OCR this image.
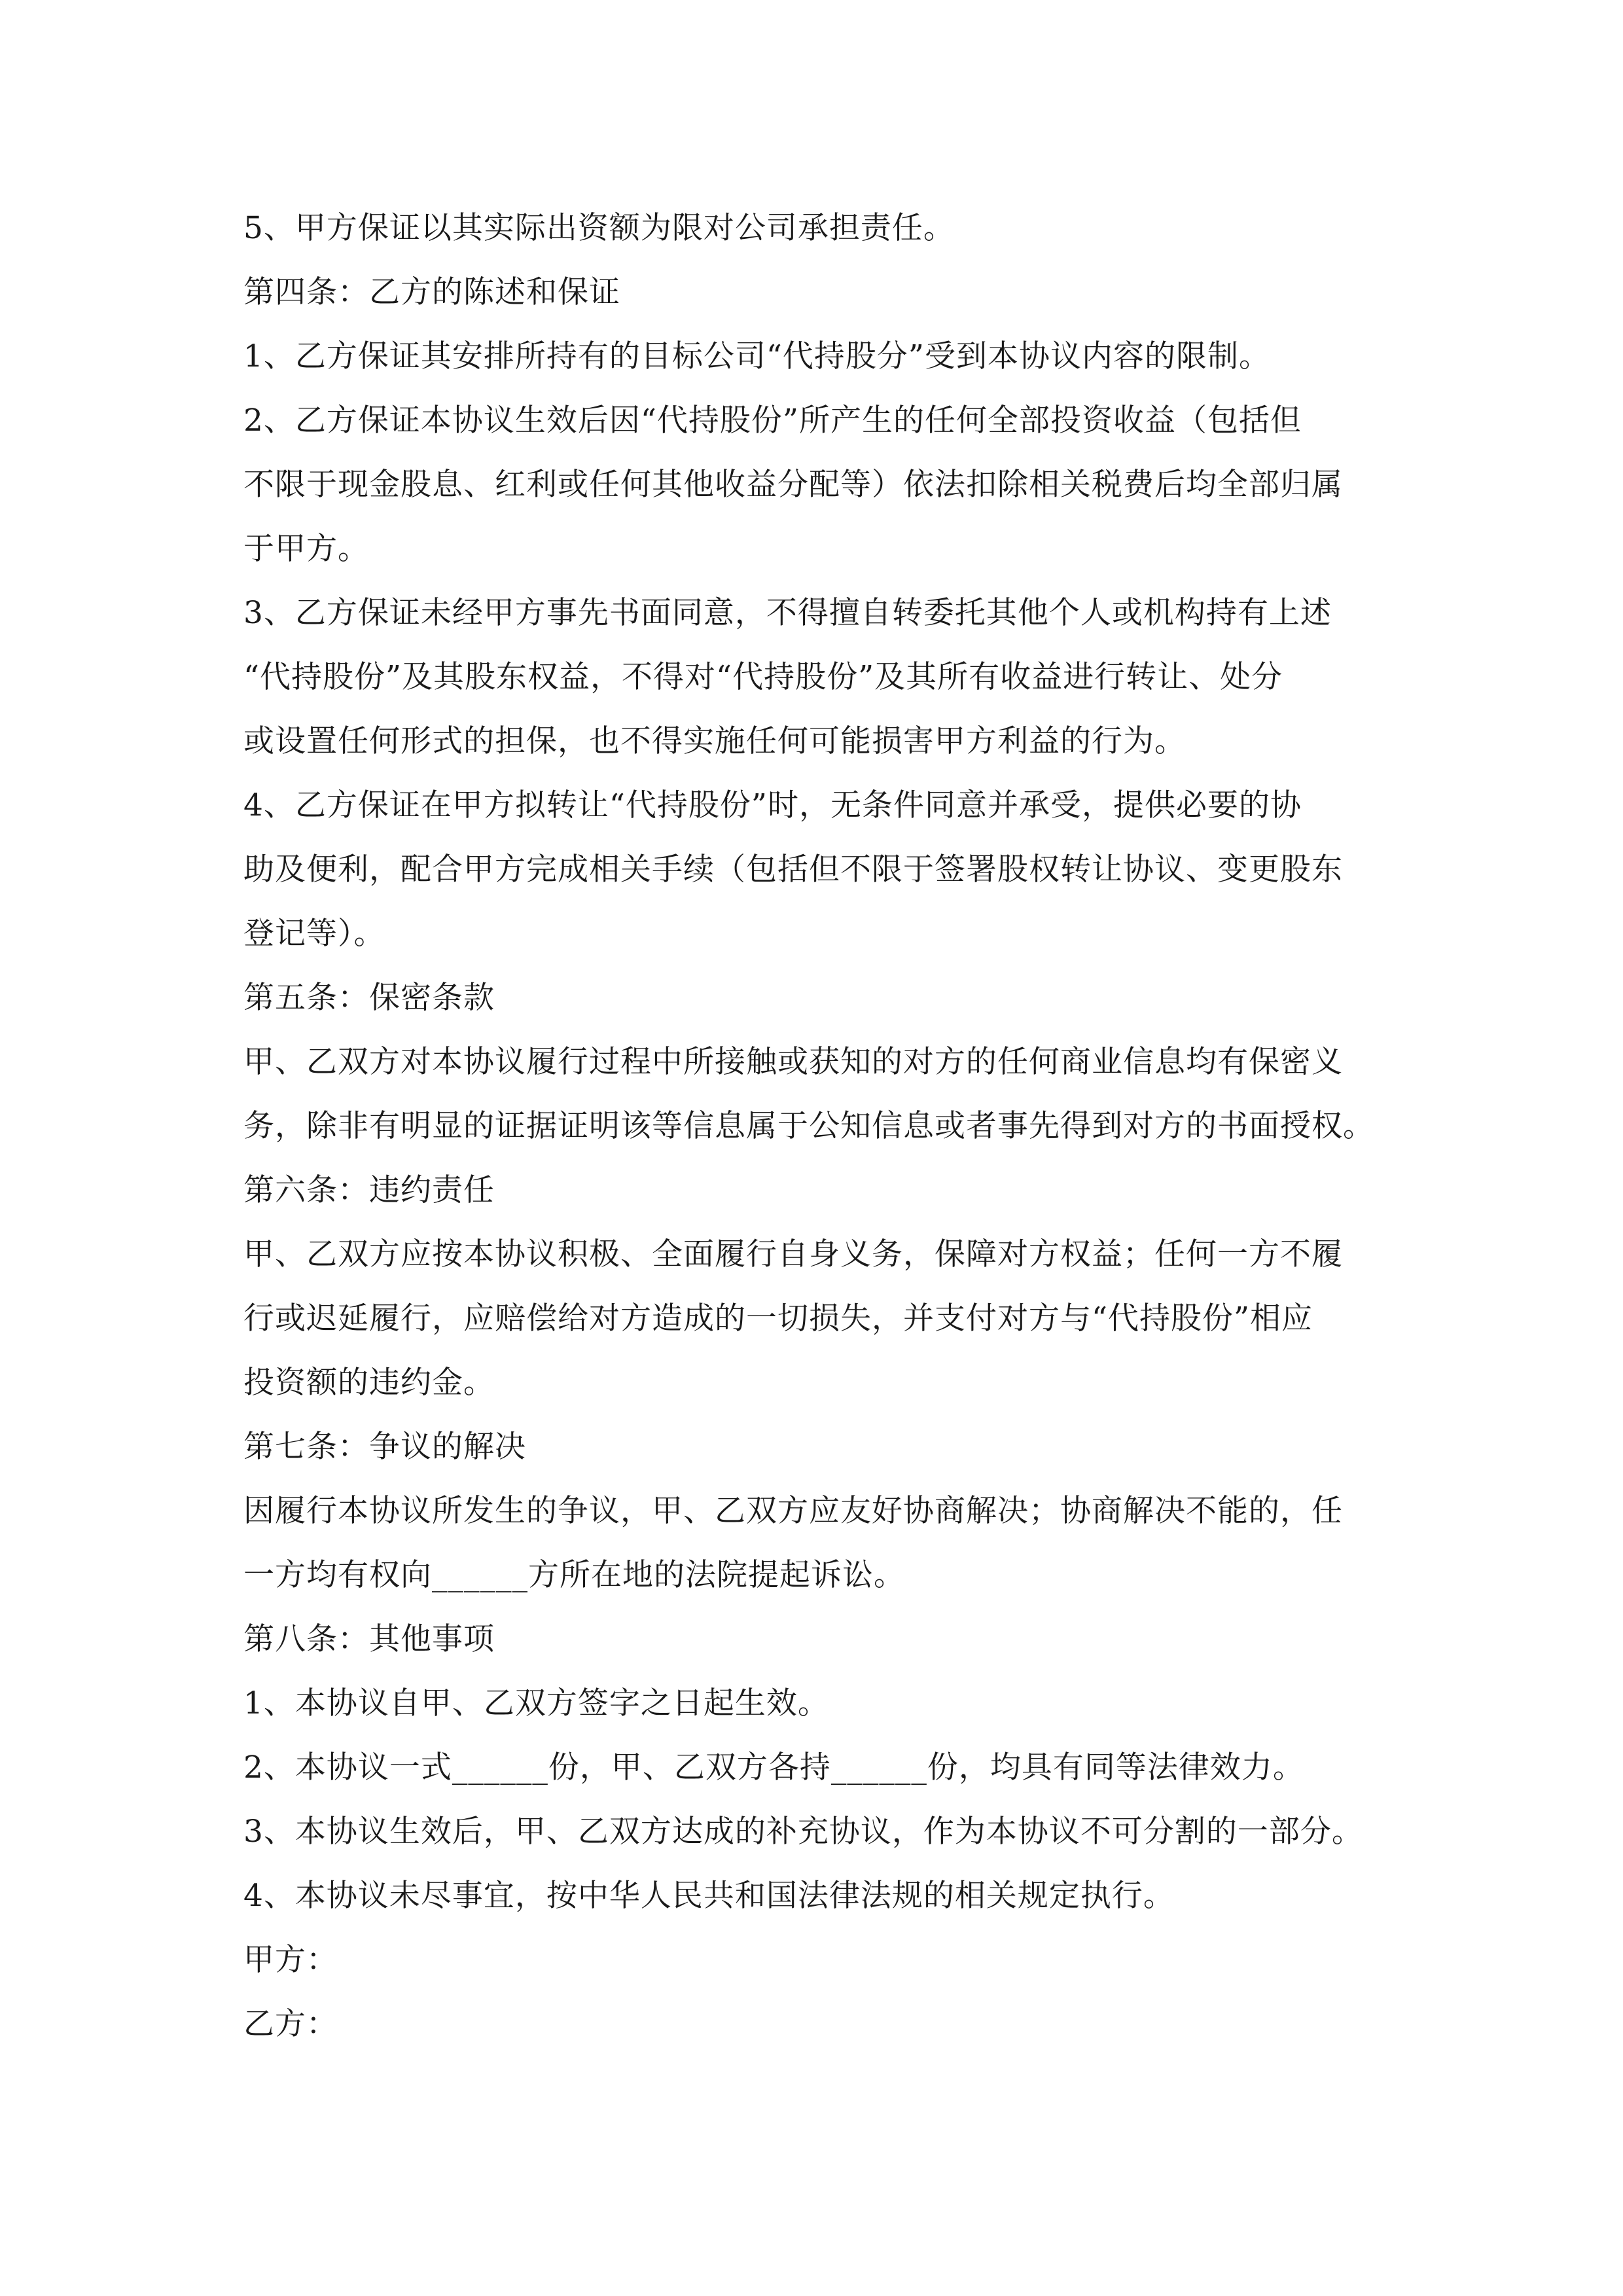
5、甲方保证以其实际出资额为限对公司承担责任。
第四条：乙方的陈述和保证
1、乙方保证其安排所持有的目标公司“代持股分”受到本协议内容的限制。
2、乙方保证本协议生效后因“代持股份”所产生的任何全部投资收益（包括但
不限于现金股息、红利或任何其他收益分配等）依法扣除相关税费后均全部归属
于甲方。
3、乙方保证未经甲方事先书面同意，不得擅自转委托其他个人或机构持有上述
“代持股份”及其股东权益，不得对“代持股份”及其所有收益进行转让、处分
或设置任何形式的担保，也不得实施任何可能损害甲方利益的行为。
4、乙方保证在甲方拟转让“代持股份”时，无条件同意并承受，提供必要的协
助及便利，配合甲方完成相关手续（包括但不限于签署股权转让协议、变更股东
登记等）。
第五条：保密条款
甲、乙双方对本协议履行过程中所接触或获知的对方的任何商业信息均有保密义
务，除非有明显的证据证明该等信息属于公知信息或者事先得到对方的书面授权。
第六条：违约责任
甲、乙双方应按本协议积极、全面履行自身义务，保障对方权益；任何一方不履
行或迟延履行，应赔偿给对方造成的一切损失，并支付对方与“代持股份”相应
投资额的违约金。
第七条：争议的解决
因履行本协议所发生的争议，甲、乙双方应友好协商解决；协商解决不能的，任
一方均有权向______方所在地的法院提起诉讼。
第八条：其他事项
1、本协议自甲、乙双方签字之日起生效。
2、本协议一式______份，甲、乙双方各持______份，均具有同等法律效力。
3、本协议生效后，甲、乙双方达成的补充协议，作为本协议不可分割的一部分。
4、本协议未尽事宜，按中华人民共和国法律法规的相关规定执行。
甲方：
乙方：
